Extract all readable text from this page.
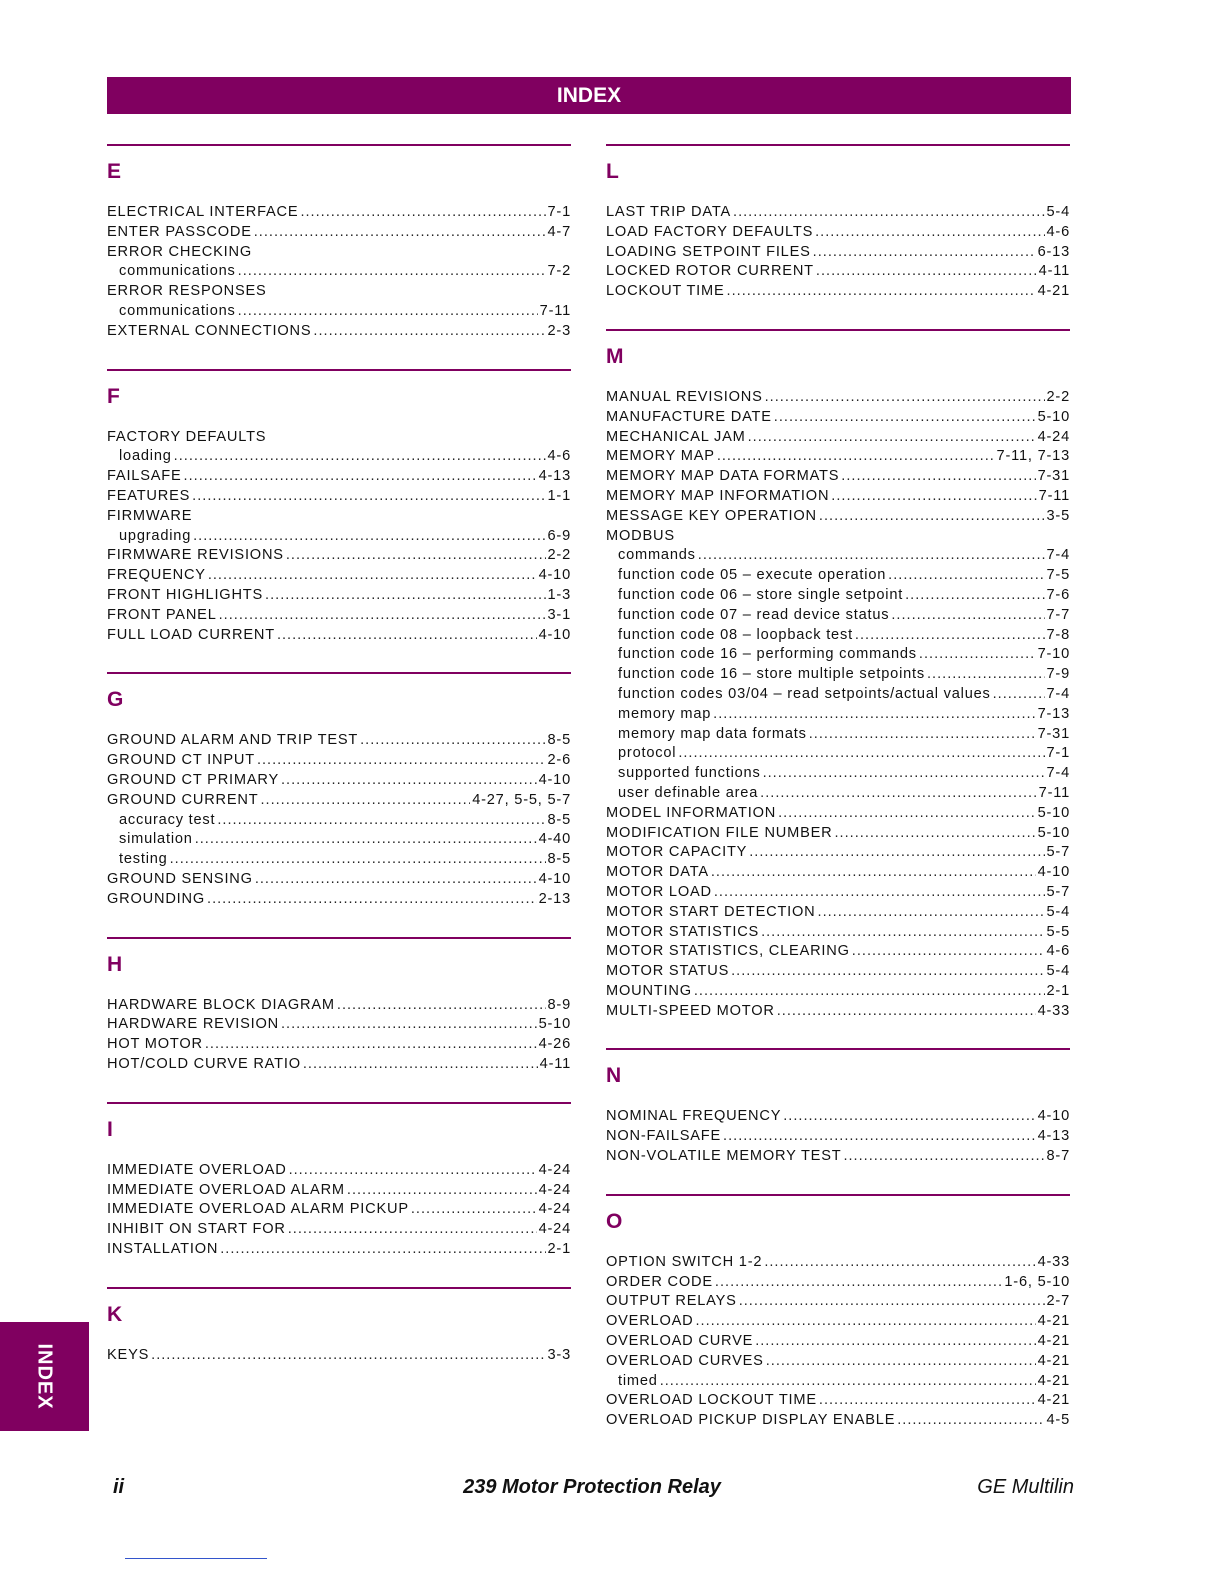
INDEX
E
ELECTRICAL INTERFACE .....	7-1
ENTER PASSCODE .....	4-7
ERROR CHECKING
communications .....	7-2
ERROR RESPONSES
communications .....	7-11
EXTERNAL CONNECTIONS .....	2-3
F
FACTORY DEFAULTS
loading .....	4-6
FAILSAFE .....	4-13
FEATURES .....	1-1
FIRMWARE
upgrading .....	6-9
FIRMWARE REVISIONS .....	2-2
FREQUENCY .....	4-10
FRONT HIGHLIGHTS .....	1-3
FRONT PANEL .....	3-1
FULL LOAD CURRENT .....	4-10
G
GROUND ALARM AND TRIP TEST .....	8-5
GROUND CT INPUT .....	2-6
GROUND CT PRIMARY .....	4-10
GROUND CURRENT .....	4-27, 5-5, 5-7
accuracy test .....	8-5
simulation .....	4-40
testing .....	8-5
GROUND SENSING .....	4-10
GROUNDING .....	2-13
H
HARDWARE BLOCK DIAGRAM .....	8-9
HARDWARE REVISION .....	5-10
HOT MOTOR .....	4-26
HOT/COLD CURVE RATIO .....	4-11
I
IMMEDIATE OVERLOAD .....	4-24
IMMEDIATE OVERLOAD ALARM .....	4-24
IMMEDIATE OVERLOAD ALARM PICKUP .....	4-24
INHIBIT ON START FOR .....	4-24
INSTALLATION .....	2-1
K
KEYS .....	3-3
L
LAST TRIP DATA .....	5-4
LOAD FACTORY DEFAULTS .....	4-6
LOADING SETPOINT FILES .....	6-13
LOCKED ROTOR CURRENT .....	4-11
LOCKOUT TIME .....	4-21
M
MANUAL REVISIONS .....	2-2
MANUFACTURE DATE .....	5-10
MECHANICAL JAM .....	4-24
MEMORY MAP .....	7-11, 7-13
MEMORY MAP DATA FORMATS .....	7-31
MEMORY MAP INFORMATION .....	7-11
MESSAGE KEY OPERATION .....	3-5
MODBUS
commands .....	7-4
function code 05 – execute operation .....	7-5
function code 06 – store single setpoint .....	7-6
function code 07 – read device status .....	7-7
function code 08 – loopback test .....	7-8
function code 16 – performing commands .....	7-10
function code 16 – store multiple setpoints .....	7-9
function codes 03/04 – read setpoints/actual values .....	7-4
memory map .....	7-13
memory map data formats .....	7-31
protocol .....	7-1
supported functions .....	7-4
user definable area .....	7-11
MODEL INFORMATION .....	5-10
MODIFICATION FILE NUMBER .....	5-10
MOTOR CAPACITY .....	5-7
MOTOR DATA .....	4-10
MOTOR LOAD .....	5-7
MOTOR START DETECTION .....	5-4
MOTOR STATISTICS .....	5-5
MOTOR STATISTICS, CLEARING .....	4-6
MOTOR STATUS .....	5-4
MOUNTING .....	2-1
MULTI-SPEED MOTOR .....	4-33
N
NOMINAL FREQUENCY .....	4-10
NON-FAILSAFE .....	4-13
NON-VOLATILE MEMORY TEST .....	8-7
O
OPTION SWITCH 1-2 .....	4-33
ORDER CODE .....	1-6, 5-10
OUTPUT RELAYS .....	2-7
OVERLOAD .....	4-21
OVERLOAD CURVE .....	4-21
OVERLOAD CURVES .....	4-21
timed .....	4-21
OVERLOAD LOCKOUT TIME .....	4-21
OVERLOAD PICKUP DISPLAY ENABLE .....	4-5
INDEX
ii	239 Motor Protection Relay	GE Multilin
